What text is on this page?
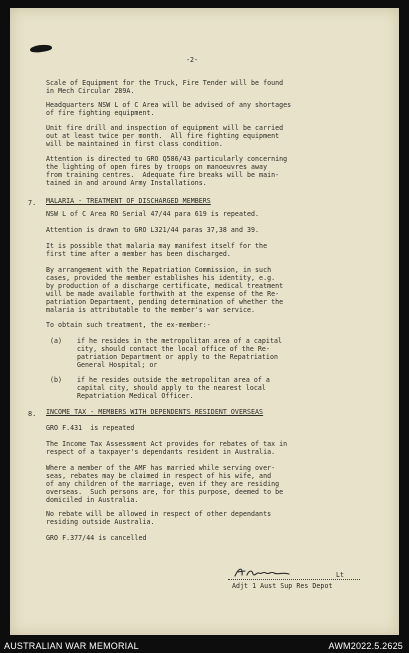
-2-
Scale of Equipment for the Truck, Fire Tender will be found
in Mech Circular 289A.
Headquarters NSW L of C Area will be advised of any shortages
of fire fighting equipment.
Unit fire drill and inspection of equipment will be carried
out at least twice per month.  All fire fighting equipment
will be maintained in first class condition.
Attention is directed to GRO Q586/43 particularly concerning
the lighting of open fires by troops on manoeuvres away
from training centres.  Adequate fire breaks will be main-
tained in and around Army Installations.
7. MALARIA - TREATMENT OF DISCHARGED MEMBERS
NSW L of C Area RO Serial 47/44 para 619 is repeated.
Attention is drawn to GRO L321/44 paras 37,38 and 39.
It is possible that malaria may manifest itself for the
first time after a member has been discharged.
By arrangement with the Repatriation Commission, in such
cases, provided the member establishes his identity, e.g.
by production of a discharge certificate, medical treatment
will be made available forthwith at the expense of the Re-
patriation Department, pending determination of whether the
malaria is attributable to the member's war service.
To obtain such treatment, the ex-member:-
(a) if he resides in the metropolitan area of a capital
city, should contact the local office of the Re-
patriation Department or apply to the Repatriation
General Hospital; or
(b) if he resides outside the metropolitan area of a
capital city, should apply to the nearest local
Repatriation Medical Officer.
8. INCOME TAX - MEMBERS WITH DEPENDENTS RESIDENT OVERSEAS
GRO F.431  is repeated
The Income Tax Assessment Act provides for rebates of tax in
respect of a taxpayer's dependants resident in Australia.
Where a member of the AMF has married while serving over-
seas, rebates may be claimed in respect of his wife, and
of any children of the marriage, even if they are residing
overseas.  Such persons are, for this purpose, deemed to be
domiciled in Australia.
No rebate will be allowed in respect of other dependants
residing outside Australia.
GRO F.377/44 is cancelled
Lt
Adjt 1 Aust Sup Res Depot
AUSTRALIAN WAR MEMORIAL	AWM2022.5.2625
